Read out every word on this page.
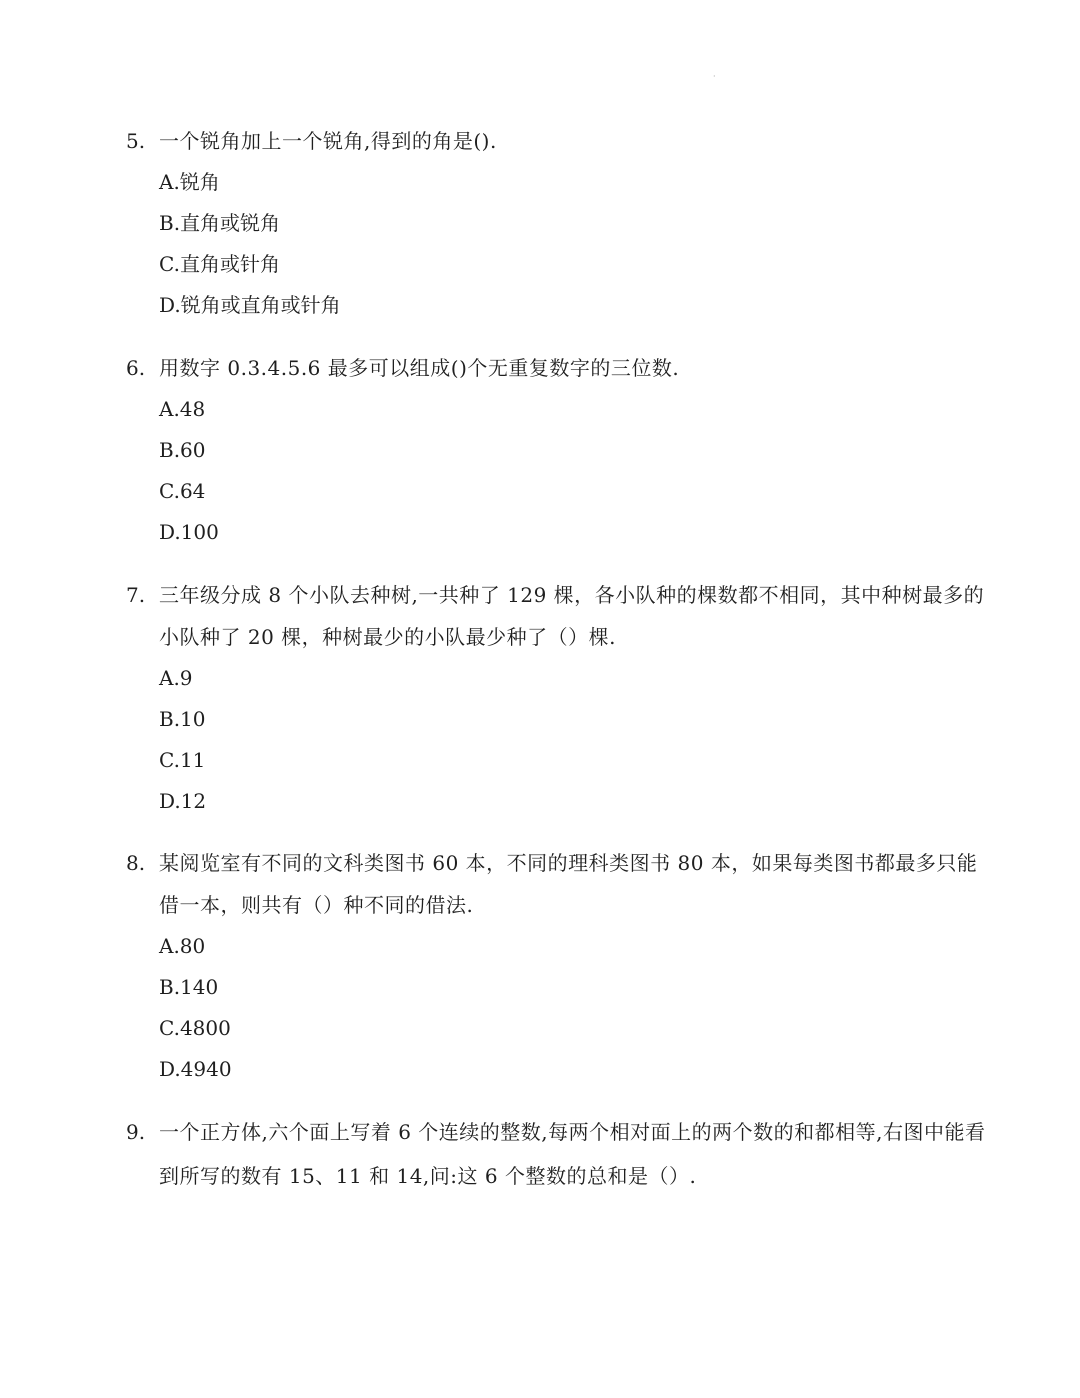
·
5. 一个锐角加上一个锐角,得到的角是().
A.锐角
B.直角或锐角
C.直角或针角
D.锐角或直角或针角
6. 用数字 0.3.4.5.6 最多可以组成()个无重复数字的三位数.
A.48
B.60
C.64
D.100
7. 三年级分成 8 个小队去种树,一共种了 129 棵，各小队种的棵数都不相同，其中种树最多的小队种了 20 棵，种树最少的小队最少种了（）棵.
A.9
B.10
C.11
D.12
8. 某阅览室有不同的文科类图书 60 本，不同的理科类图书 80 本，如果每类图书都最多只能借一本，则共有（）种不同的借法.
A.80
B.140
C.4800
D.4940
9. 一个正方体,六个面上写着 6 个连续的整数,每两个相对面上的两个数的和都相等,右图中能看到所写的数有 15、11 和 14,问:这 6 个整数的总和是（）.
